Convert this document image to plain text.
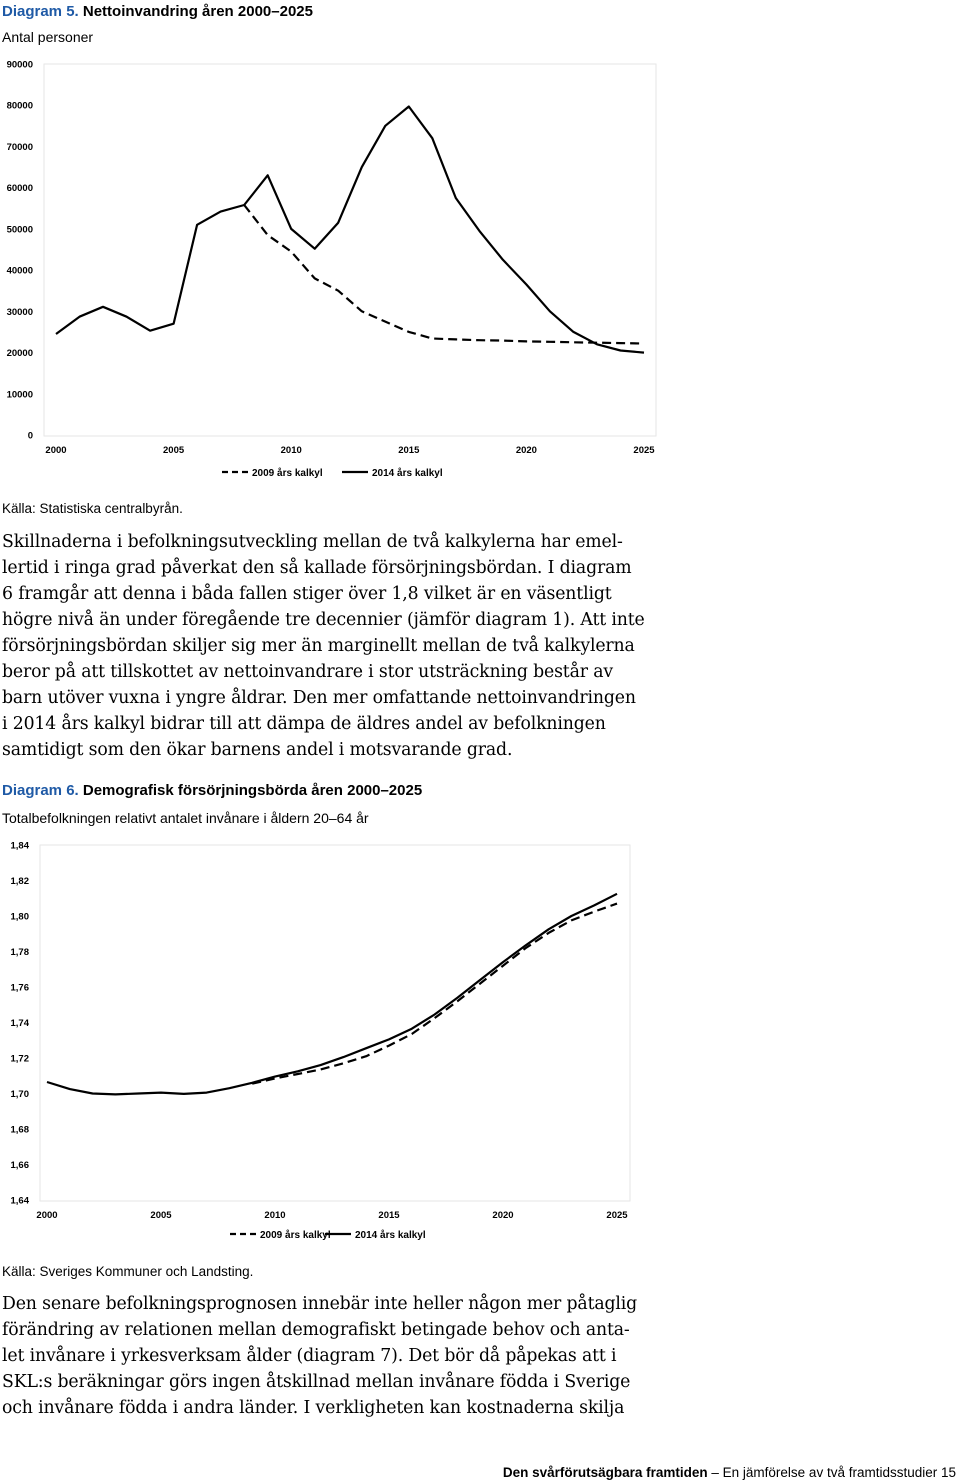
Diagram 5. Nettoinvandring åren 2000–2025
Antal personer
0
10000
20000
30000
40000
50000
60000
70000
80000
90000
2000	2005	2010	2015	2020	2025
2009 års kalkyl	2014 års kalkyl
Källa: Statistiska centralbyrån.
Skillnaderna i befolkningsutveckling mellan de två kalkylerna har emel-
lertid i ringa grad påverkat den så kallade försörjningsbördan. I diagram
6 framgår att denna i båda fallen stiger över 1,8 vilket är en väsentligt
högre nivå än under föregående tre decennier (jämför diagram 1). Att inte
försörjningsbördan skiljer sig mer än marginellt mellan de två kalkylerna
beror på att tillskottet av nettoinvandrare i stor utsträckning består av
barn utöver vuxna i yngre åldrar. Den mer omfattande nettoinvandringen
i 2014 års kalkyl bidrar till att dämpa de äldres andel av befolkningen
samtidigt som den ökar barnens andel i motsvarande grad.
Diagram 6. Demografisk försörjningsbörda åren 2000–2025
Totalbefolkningen relativt antalet invånare i åldern 20–64 år
1,64
1,66
1,68
1,70
1,72
1,74
1,76
1,78
1,80
1,82
1,84
2000	2005	2010	2015	2020	2025
2009 års kalkyl 2014 års kalkyl
Källa: Sveriges Kommuner och Landsting.
Den senare befolkningsprognosen innebär inte heller någon mer påtaglig
förändring av relationen mellan demografiskt betingade behov och anta-
let invånare i yrkesverksam ålder (diagram 7). Det bör då påpekas att i
SKL:s beräkningar görs ingen åtskillnad mellan invånare födda i Sverige
och invånare födda i andra länder. I verkligheten kan kostnaderna skilja
Den svårförutsägbara framtiden – En jämförelse av två framtidsstudier 15
